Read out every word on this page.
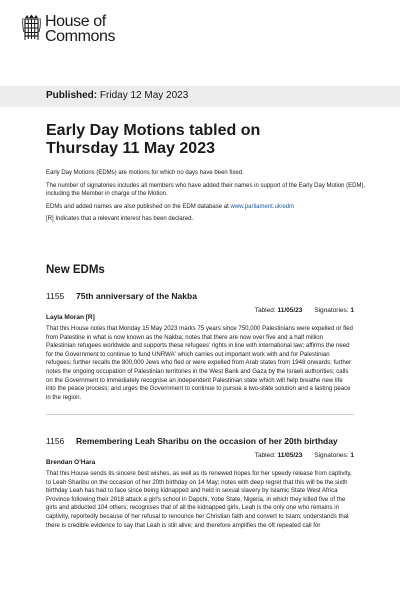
House of
Commons
Published: Friday 12 May 2023
Early Day Motions tabled on
Thursday 11 May 2023

Early Day Motions (EDMs) are motions for which no days have been fixed.

The number of signatories includes all members who have added their names in support of the Early Day Motion (EDM), including the Member in charge of the Motion.

EDMs and added names are also published on the EDM database at www.parliament.uk/edm

[R] Indicates that a relevant interest has been declared.

New EDMs
1155	75th anniversary of the Nakba
Tabled: 11/05/23 Signatories: 1
Layla Moran [R]
That this House notes that Monday 15 May 2023 marks 75 years since 750,000 Palestinians were expelled or fled from Palestine in what is now known as the Nakba; notes that there are now over five and a half million Palestinian refugees worldwide and supports these refugees' rights in line with international law; affirms the need for the Government to continue to fund UNRWA' which carries out important work with and for Palestinian refugees; further recalls the 800,000 Jews who fled or were expelled from Arab states from 1948 onwards; further notes the ongoing occupation of Palestinian territories in the West Bank and Gaza by the Israeli authorities; calls on the Government to immediately recognise an independent Palestinian state which will help breathe new life into the peace process; and urges the Government to continue to pursue a two-state solution and a lasting peace in the region.
1156	Remembering Leah Sharibu on the occasion of her 20th birthday
Tabled: 11/05/23 Signatories: 1
Brendan O'Hara
That this House sends its sincere best wishes, as well as its renewed hopes for her speedy release from captivity, to Leah Sharibu on the occasion of her 20th birthday on 14 May; notes with deep regret that this will be the sixth birthday Leah has had to face since being kidnapped and held in sexual slavery by Islamic State West Africa Province following their 2018 attack a girl's school in Dapchi, Yobe State, Nigeria, in which they killed five of the girls and abducted 104 others; recognises that of all the kidnapped girls, Leah is the only one who remains in captivity, reportedly because of her refusal to renounce her Christian faith and convert to Islam; understands that there is credible evidence to say that Leah is still alive; and therefore amplifies the oft repeated call for
